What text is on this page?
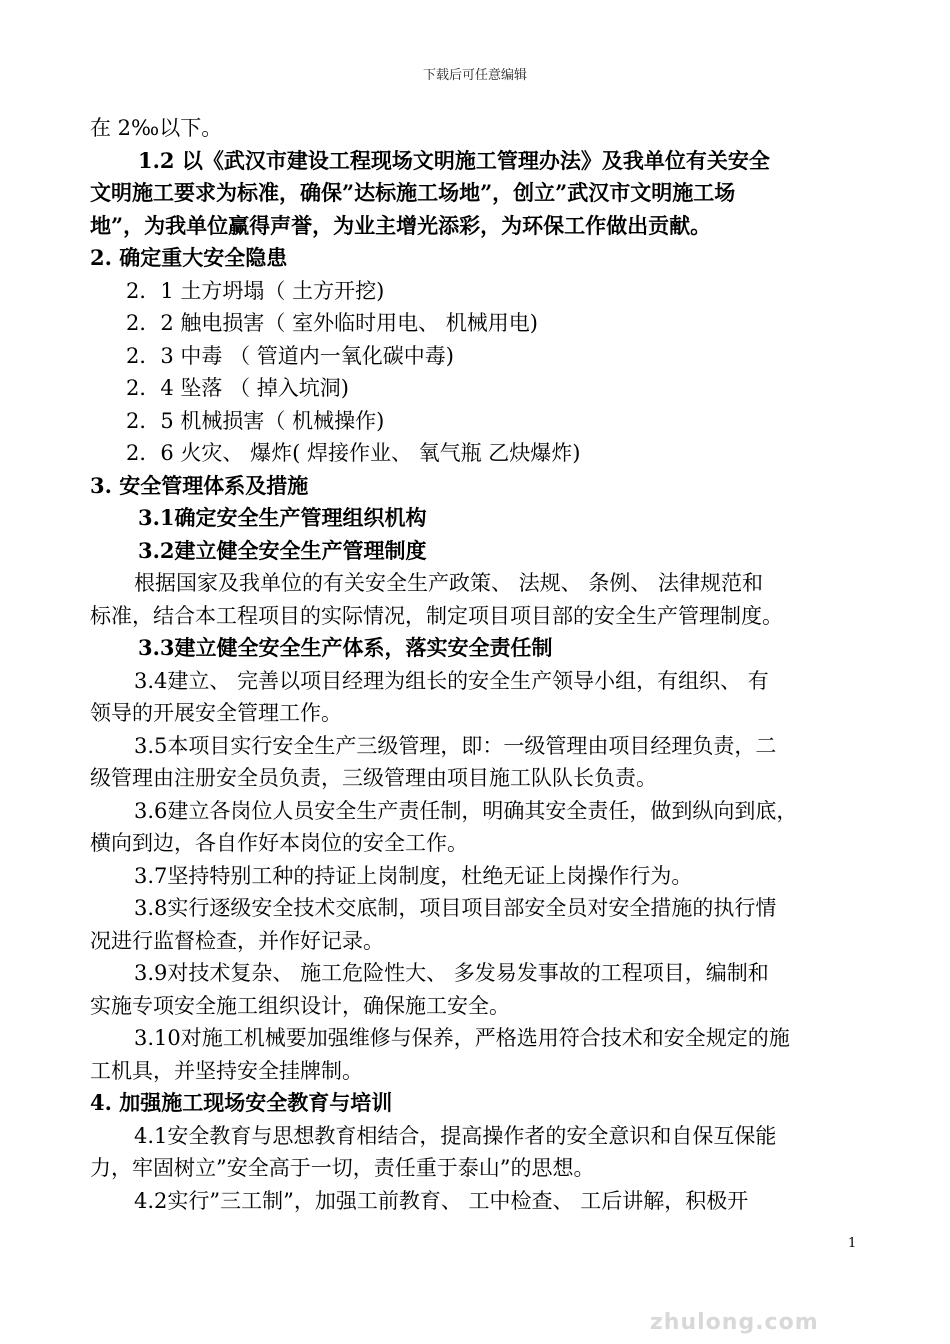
下载后可任意编辑
在 2‰以下。
1.2 以《武汉市建设工程现场文明施工管理办法》及我单位有关安全
文明施工要求为标准，确保”达标施工场地”，创立”武汉市文明施工场
地”，为我单位赢得声誉，为业主增光添彩，为环保工作做出贡献。
2. 确定重大安全隐患
2．1 土方坍塌（ 土方开挖)
2．2 触电损害（ 室外临时用电、 机械用电)
2．3 中毒 （ 管道内一氧化碳中毒)
2．4 坠落 （ 掉入坑洞)
2．5 机械损害（ 机械操作)
2．6 火灾、 爆炸( 焊接作业、 氧气瓶 乙炔爆炸)
3. 安全管理体系及措施
3.1确定安全生产管理组织机构
3.2建立健全安全生产管理制度
根据国家及我单位的有关安全生产政策、 法规、 条例、 法律规范和
标准，结合本工程项目的实际情况，制定项目项目部的安全生产管理制度。
3.3建立健全安全生产体系，落实安全责任制
3.4建立、 完善以项目经理为组长的安全生产领导小组，有组织、 有
领导的开展安全管理工作。
3.5本项目实行安全生产三级管理，即：一级管理由项目经理负责，二
级管理由注册安全员负责，三级管理由项目施工队队长负责。
3.6建立各岗位人员安全生产责任制，明确其安全责任，做到纵向到底，
横向到边，各自作好本岗位的安全工作。
3.7坚持特别工种的持证上岗制度，杜绝无证上岗操作行为。
3.8实行逐级安全技术交底制，项目项目部安全员对安全措施的执行情
况进行监督检查，并作好记录。
3.9对技术复杂、 施工危险性大、 多发易发事故的工程项目，编制和
实施专项安全施工组织设计，确保施工安全。
3.10对施工机械要加强维修与保养，严格选用符合技术和安全规定的施
工机具，并坚持安全挂牌制。
4. 加强施工现场安全教育与培训
4.1安全教育与思想教育相结合，提高操作者的安全意识和自保互保能
力，牢固树立”安全高于一切，责任重于泰山”的思想。
4.2实行”三工制”，加强工前教育、 工中检查、 工后讲解，积极开
1
zhulong.com
